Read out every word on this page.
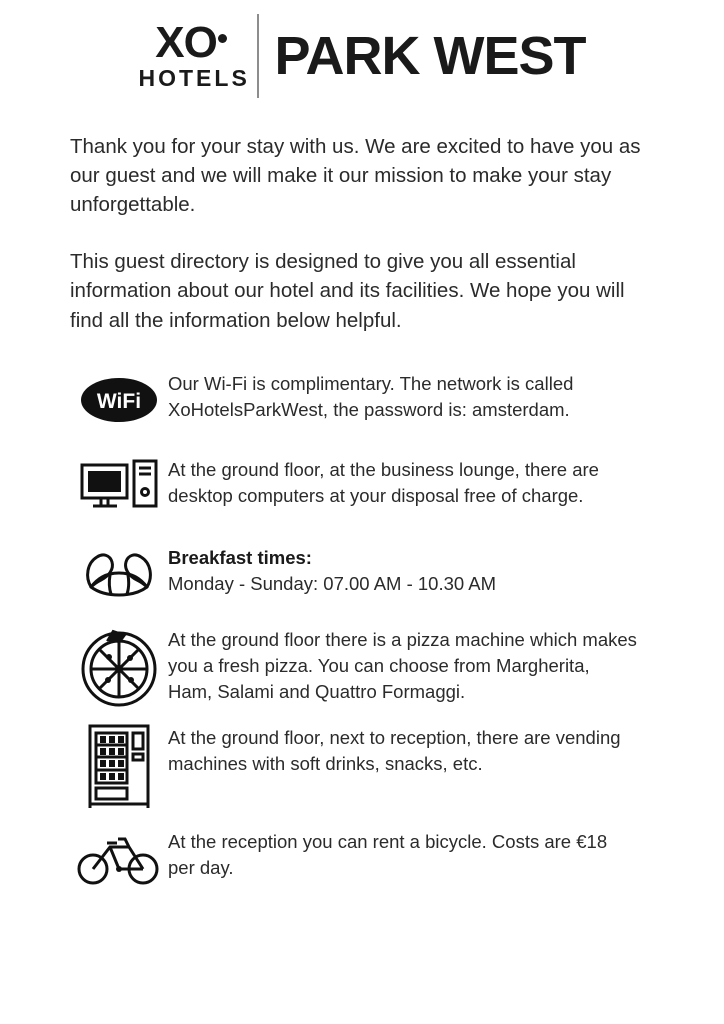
XO
HOTELS PARK WEST

Thank you for your stay with us. We are excited to have you as our guest and we will make it our mission to make your stay unforgettable.

This guest directory is designed to give you all essential information about our hotel and its facilities. We hope you will find all the information below helpful.

WiFi
Our Wi-Fi is complimentary. The network is called XoHotelsParkWest, the password is: amsterdam.
At the ground floor, at the business lounge, there are desktop computers at your disposal free of charge.
Breakfast times:
Monday - Sunday: 07.00 AM - 10.30 AM
At the ground floor there is a pizza machine which makes you a fresh pizza. You can choose from Margherita, Ham, Salami and Quattro Formaggi.
At the ground floor, next to reception, there are vending machines with soft drinks, snacks, etc.
At the reception you can rent a bicycle. Costs are €18 per day.
